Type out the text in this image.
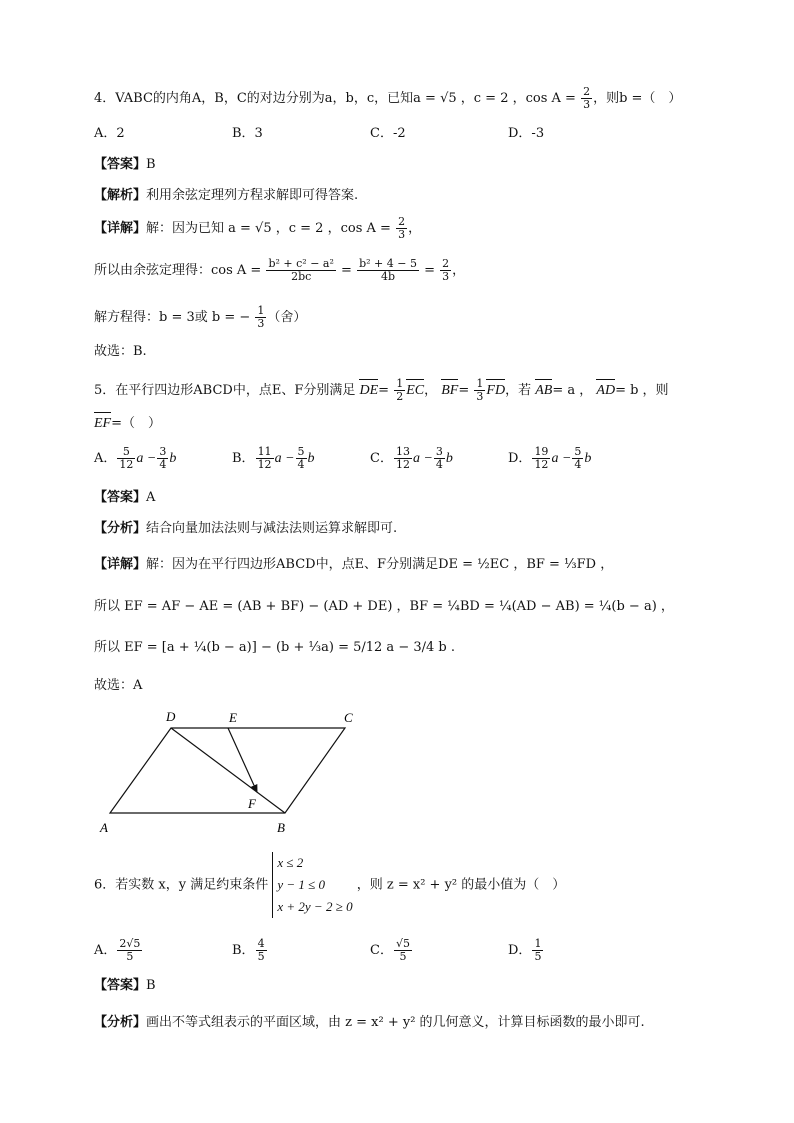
4．VABC的内角A，B，C的对边分别为a，b，c，已知a = √5 ，c = 2 ，$\cos A = \frac{2}{3}$ ，则b =（　）
A．2	B．3	C．-2	D．-3
【答案】B
【解析】利用余弦定理列方程求解即可得答案.
【详解】解：因为已知 a = √5 ，c = 2 ，$\cos A = \frac{2}{3}$ ，
所以由余弦定理得：$\cos A = \frac{\text{b² + c² − a²}}{2bc} = \frac{\text{b² + 4 − 5}}{4b} = \frac{2}{3}$ ，
解方程得：b = 3或 b = − $\frac{1}{3}$ （舍）
故选：B.
5．在平行四边形ABCD中，点E、F分别满足 $DE= \frac{1}{2}$ EC， $BF= \frac{1}{3}$ FD，若 AB= a ， AD= b ，则
EF=（　）
A． $\frac{5}{12}$ $a - \frac{3}{4}$ b	B． $\frac{11}{12}$ $a - \frac{5}{4}$ b	C． $\frac{13}{12}$ $a - \frac{3}{4}$ b	D． $\frac{19}{12}$ $a - \frac{5}{4}$ b
【答案】A
【分析】结合向量加法法则与减法法则运算求解即可.
【详解】解：因为在平行四边形ABCD中，点E、F分别满足DE = ½EC ，BF = ⅓FD ，
所以 EF = AF − AE = (AB + BF) − (AD + DE) ，BF = ¼BD = ¼(AD − AB) = ¼(b − a) ，
所以 EF = [a + ¼(b − a)] − (b + ⅓a) = 5/12 a − 3/4 b .
故选：A
D	E	C
F
A	B
6．若实数 x，y 满足约束条件
x ≤ 2
y − 1 ≤ 0
x + 2y − 2 ≥ 0
，则 z = x² + y² 的最小值为（　）
A． $\frac{2√5}{5}$	B． $\frac{4}{5}$	C． $\frac{√5}{5}$	D． $\frac{1}{5}$
【答案】B
【分析】画出不等式组表示的平面区域，由 z = x² + y² 的几何意义，计算目标函数的最小即可.
